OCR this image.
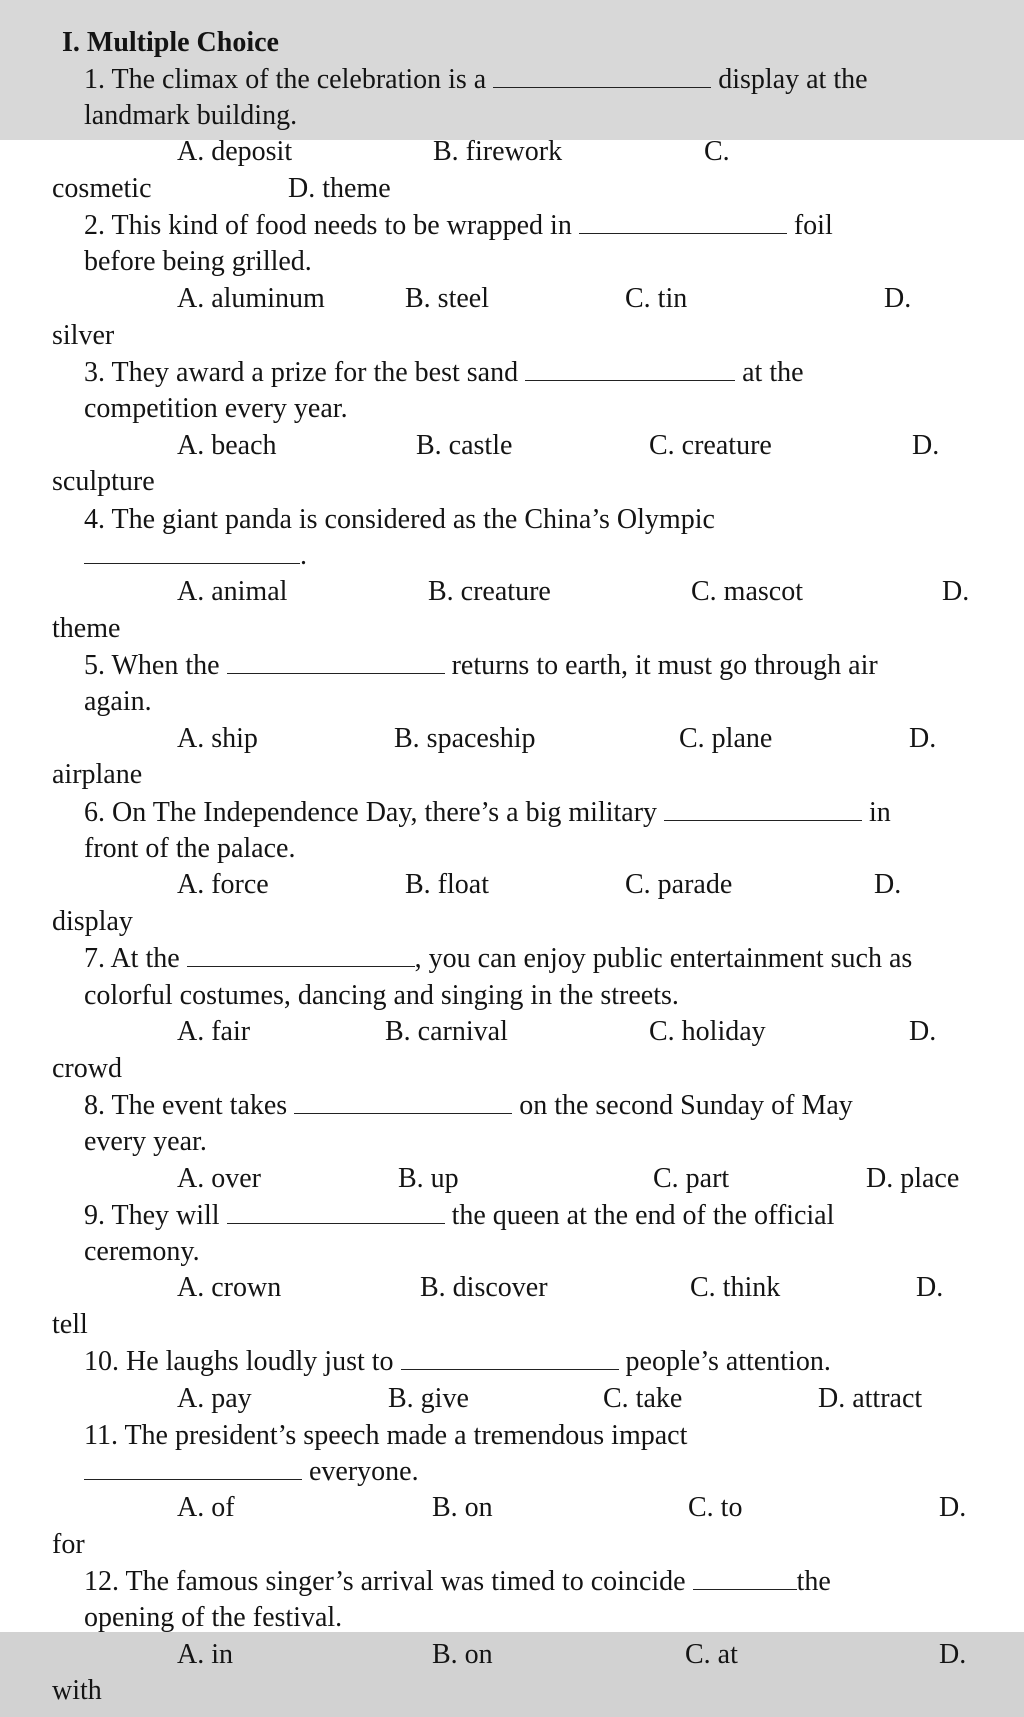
I. Multiple Choice
1. The climax of the celebration is a	display at the
landmark building.
A. deposit	B. firework	C.
cosmetic	D. theme
2. This kind of food needs to be wrapped in	foil
before being grilled.
A. aluminum	B. steel	C. tin	D.
silver
3. They award a prize for the best sand	at the
competition every year.
A. beach	B. castle	C. creature	D.
sculpture
4. The giant panda is considered as the China’s Olympic
.
A. animal	B. creature	C. mascot	D.
theme
5. When the	returns to earth, it must go through air
again.
A. ship	B. spaceship	C. plane	D.
airplane
6. On The Independence Day, there’s a big military	in
front of the palace.
A. force	B. float	C. parade	D.
display
7. At the	, you can enjoy public entertainment such as
colorful costumes, dancing and singing in the streets.
A. fair	B. carnival	C. holiday	D.
crowd
8. The event takes	on the second Sunday of May
every year.
A. over	B. up	C. part	D. place
9. They will	the queen at the end of the official
ceremony.
A. crown	B. discover	C. think	D.
tell
10. He laughs loudly just to	people’s attention.
A. pay	B. give	C. take	D. attract
11. The president’s speech made a tremendous impact
everyone.
A. of	B. on	C. to	D.
for
12. The famous singer’s arrival was timed to coincide	the
opening of the festival.
A. in	B. on	C. at	D.
with
